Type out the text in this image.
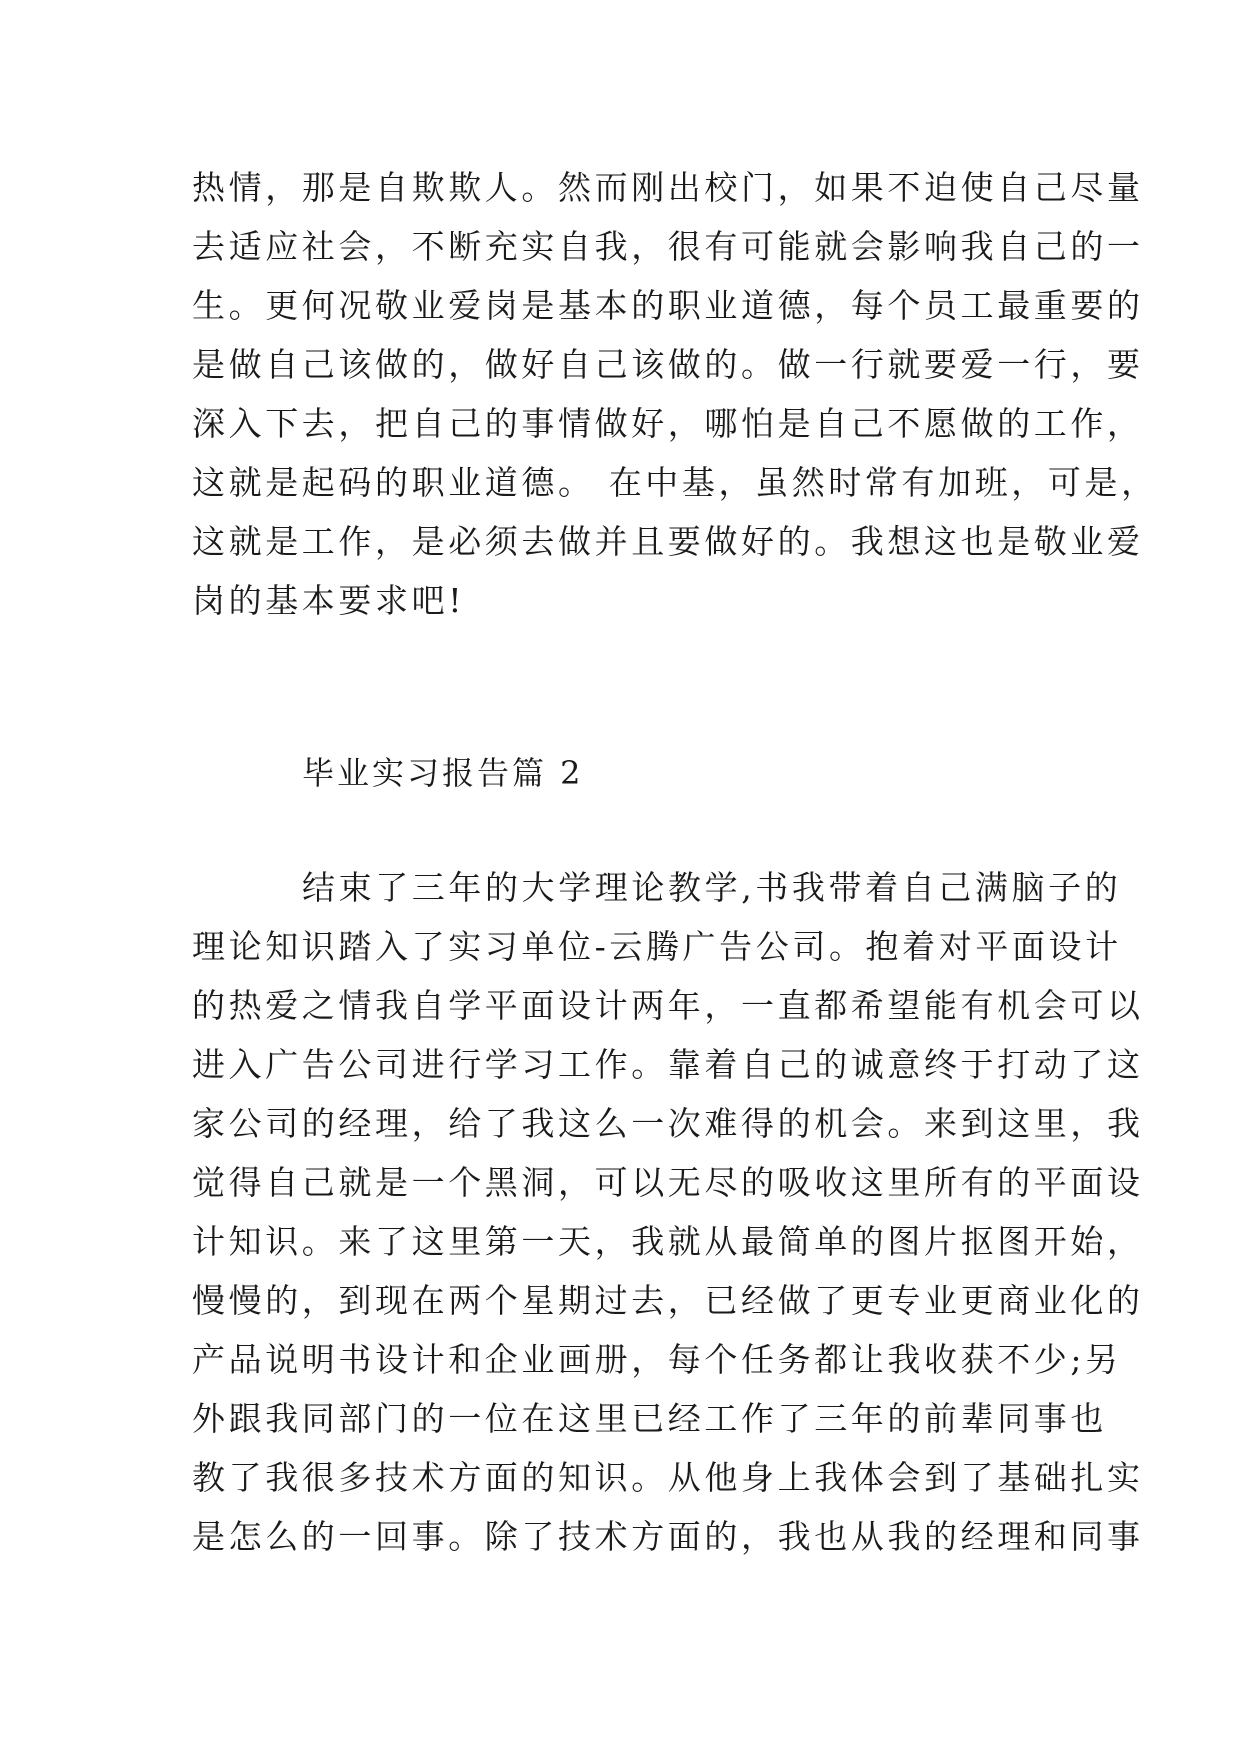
热情，那是自欺欺人。然而刚出校门，如果不迫使自己尽量
去适应社会，不断充实自我，很有可能就会影响我自己的一
生。更何况敬业爱岗是基本的职业道德，每个员工最重要的
是做自己该做的，做好自己该做的。做一行就要爱一行，要
深入下去，把自己的事情做好，哪怕是自己不愿做的工作，
这就是起码的职业道德。 在中基，虽然时常有加班，可是，
这就是工作，是必须去做并且要做好的。我想这也是敬业爱
岗的基本要求吧!
毕业实习报告篇 2
结束了三年的大学理论教学,书我带着自己满脑子的
理论知识踏入了实习单位-云腾广告公司。抱着对平面设计
的热爱之情我自学平面设计两年，一直都希望能有机会可以
进入广告公司进行学习工作。靠着自己的诚意终于打动了这
家公司的经理，给了我这么一次难得的机会。来到这里，我
觉得自己就是一个黑洞，可以无尽的吸收这里所有的平面设
计知识。来了这里第一天，我就从最简单的图片抠图开始，
慢慢的，到现在两个星期过去，已经做了更专业更商业化的
产品说明书设计和企业画册，每个任务都让我收获不少;另
外跟我同部门的一位在这里已经工作了三年的前辈同事也
教了我很多技术方面的知识。从他身上我体会到了基础扎实
是怎么的一回事。除了技术方面的，我也从我的经理和同事
